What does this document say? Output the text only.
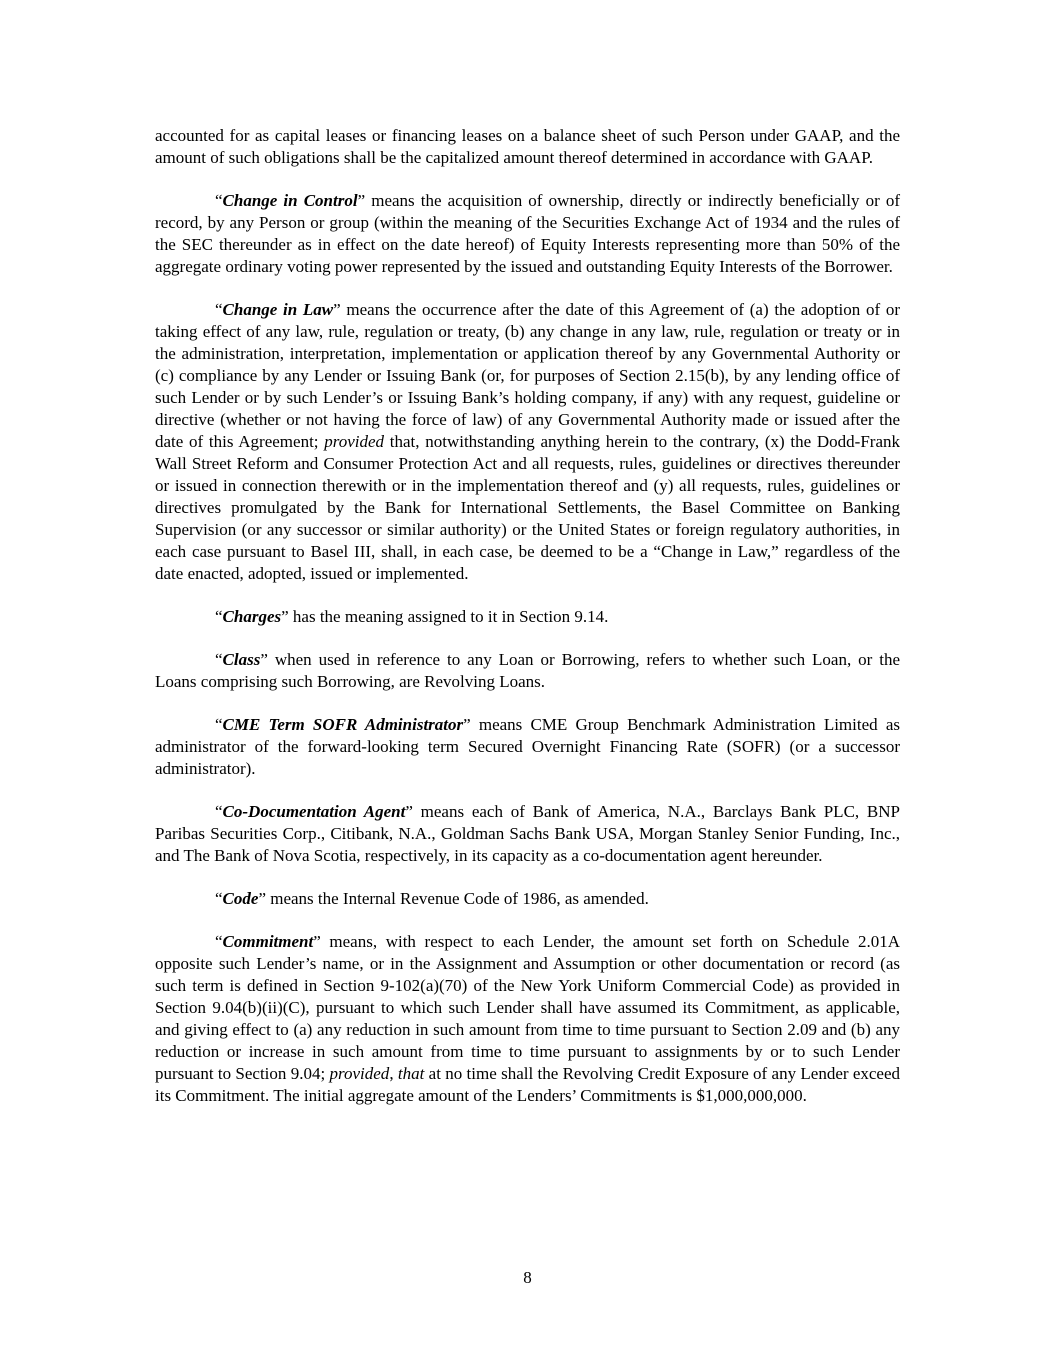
accounted for as capital leases or financing leases on a balance sheet of such Person under GAAP, and the amount of such obligations shall be the capitalized amount thereof determined in accordance with GAAP.

“Change in Control” means the acquisition of ownership, directly or indirectly beneficially or of record, by any Person or group (within the meaning of the Securities Exchange Act of 1934 and the rules of the SEC thereunder as in effect on the date hereof) of Equity Interests representing more than 50% of the aggregate ordinary voting power represented by the issued and outstanding Equity Interests of the Borrower.

“Change in Law” means the occurrence after the date of this Agreement of (a) the adoption of or taking effect of any law, rule, regulation or treaty, (b) any change in any law, rule, regulation or treaty or in the administration, interpretation, implementation or application thereof by any Governmental Authority or (c) compliance by any Lender or Issuing Bank (or, for purposes of Section 2.15(b), by any lending office of such Lender or by such Lender’s or Issuing Bank’s holding company, if any) with any request, guideline or directive (whether or not having the force of law) of any Governmental Authority made or issued after the date of this Agreement; provided that, notwithstanding anything herein to the contrary, (x) the Dodd-Frank Wall Street Reform and Consumer Protection Act and all requests, rules, guidelines or directives thereunder or issued in connection therewith or in the implementation thereof and (y) all requests, rules, guidelines or directives promulgated by the Bank for International Settlements, the Basel Committee on Banking Supervision (or any successor or similar authority) or the United States or foreign regulatory authorities, in each case pursuant to Basel III, shall, in each case, be deemed to be a “Change in Law,” regardless of the date enacted, adopted, issued or implemented.

“Charges” has the meaning assigned to it in Section 9.14.

“Class” when used in reference to any Loan or Borrowing, refers to whether such Loan, or the Loans comprising such Borrowing, are Revolving Loans.

“CME Term SOFR Administrator” means CME Group Benchmark Administration Limited as administrator of the forward-looking term Secured Overnight Financing Rate (SOFR) (or a successor administrator).

“Co-Documentation Agent” means each of Bank of America, N.A., Barclays Bank PLC, BNP Paribas Securities Corp., Citibank, N.A., Goldman Sachs Bank USA, Morgan Stanley Senior Funding, Inc., and The Bank of Nova Scotia, respectively, in its capacity as a co-documentation agent hereunder.

“Code” means the Internal Revenue Code of 1986, as amended.

“Commitment” means, with respect to each Lender, the amount set forth on Schedule 2.01A opposite such Lender’s name, or in the Assignment and Assumption or other documentation or record (as such term is defined in Section 9-102(a)(70) of the New York Uniform Commercial Code) as provided in Section 9.04(b)(ii)(C), pursuant to which such Lender shall have assumed its Commitment, as applicable, and giving effect to (a) any reduction in such amount from time to time pursuant to Section 2.09 and (b) any reduction or increase in such amount from time to time pursuant to assignments by or to such Lender pursuant to Section 9.04; provided, that at no time shall the Revolving Credit Exposure of any Lender exceed its Commitment. The initial aggregate amount of the Lenders’ Commitments is $1,000,000,000.

8
